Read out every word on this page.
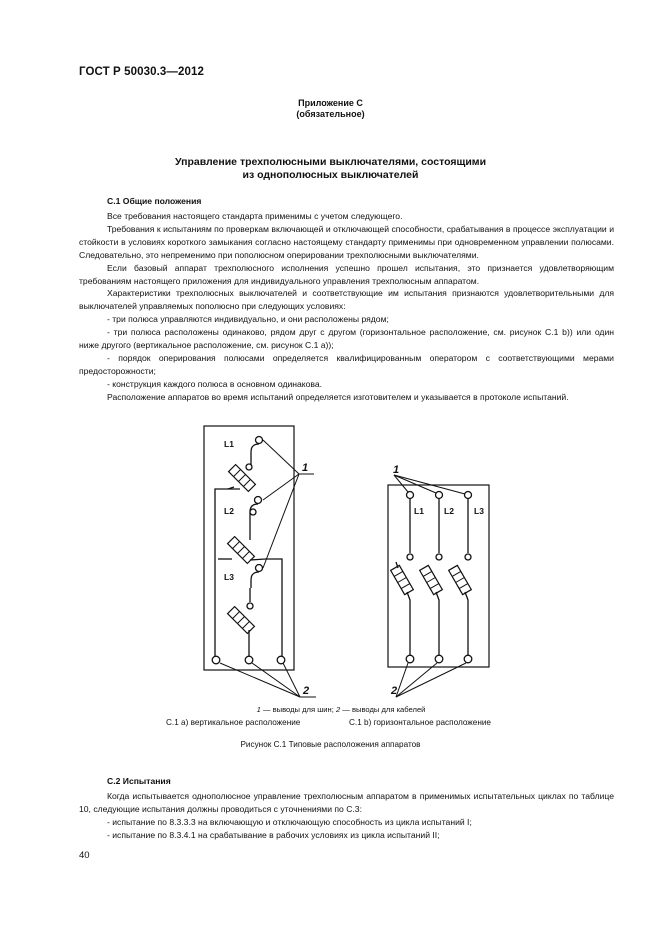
ГОСТ Р 50030.3—2012
Приложение С
(обязательное)
Управление трехполюсными выключателями, состоящими
из однополюсных выключателей
С.1 Общие положения

Все требования настоящего стандарта применимы с учетом следующего.

Требования к испытаниям по проверкам включающей и отключающей способности, срабатывания в процессе эксплуатации и стойкости в условиях короткого замыкания согласно настоящему стандарту применимы при одновременном управлении полюсами. Следовательно, это непременимо при пополюсном оперировании трехполюсными выключателями.

Если базовый аппарат трехполюсного исполнения успешно прошел испытания, это признается удовлетворяющим требованиям настоящего приложения для индивидуального управления трехполюсным аппаратом.

Характеристики трехполюсных выключателей и соответствующие им испытания признаются удовлетворительными для выключателей управляемых пополюсно при следующих условиях:

- три полюса управляются индивидуально, и они расположены рядом;

- три полюса расположены одинаково, рядом друг с другом (горизонтальное расположение, см. рисунок С.1 b)) или один ниже другого (вертикальное расположение, см. рисунок С.1 а));

- порядок оперирования полюсами определяется квалифицированным оператором с соответствующими мерами предосторожности;

- конструкция каждого полюса в основном одинакова.

Расположение аппаратов во время испытаний определяется изготовителем и указывается в протоколе испытаний.

L1
L2
L3
L1 L2 L3
1
2
1
2
1 — выводы для шин; 2 — выводы для кабелей
С.1 а) вертикальное расположение	С.1 b) горизонтальное расположение
Рисунок С.1 Типовые расположения аппаратов
С.2 Испытания

Когда испытывается однополюсное управление трехполюсным аппаратом в применимых испытательных циклах по таблице 10, следующие испытания должны проводиться с уточнениями по С.3:

- испытание по 8.3.3.3 на включающую и отключающую способность из цикла испытаний I;

- испытание по 8.3.4.1 на срабатывание в рабочих условиях из цикла испытаний II;

40
